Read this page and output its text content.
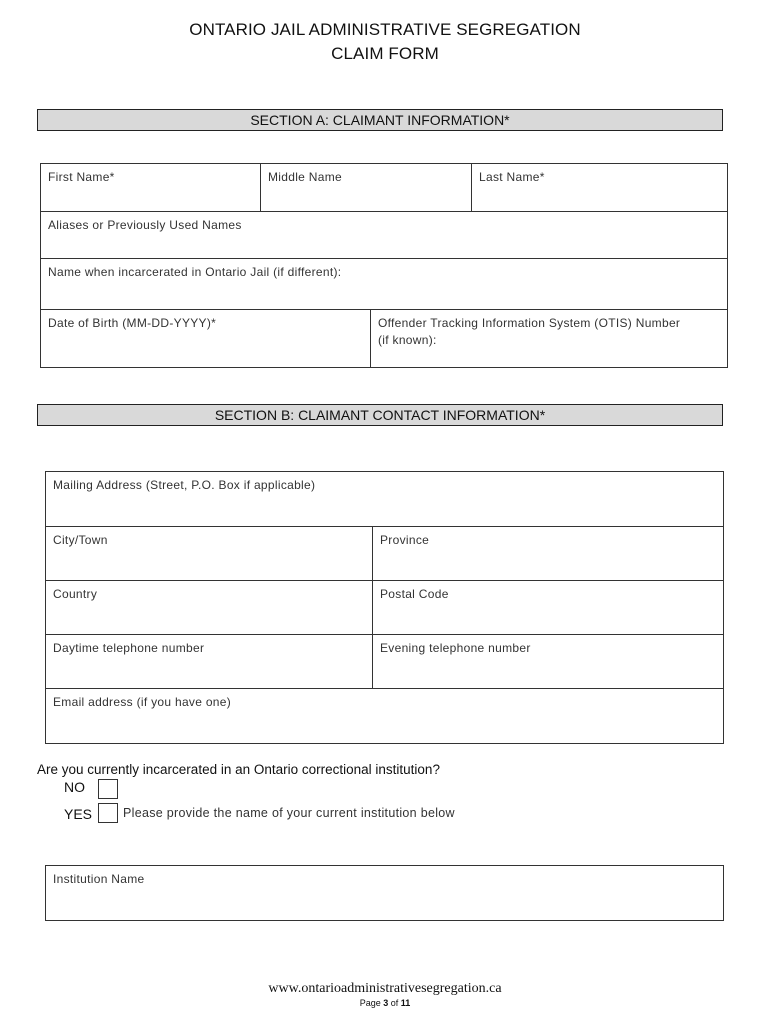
ONTARIO JAIL ADMINISTRATIVE SEGREGATION
CLAIM FORM
SECTION A: CLAIMANT INFORMATION*
First Name*	Middle Name	Last Name*
Aliases or Previously Used Names
Name when incarcerated in Ontario Jail (if different):
Date of Birth (MM-DD-YYYY)*	Offender Tracking Information System (OTIS) Number
(if known):
SECTION B: CLAIMANT CONTACT INFORMATION*
Mailing Address (Street, P.O. Box if applicable)
City/Town	Province
Country	Postal Code
Daytime telephone number	Evening telephone number
Email address (if you have one)
Are you currently incarcerated in an Ontario correctional institution?
NO
YES Please provide the name of your current institution below
Institution Name
www.ontarioadministrativesegregation.ca
Page 3 of 11
